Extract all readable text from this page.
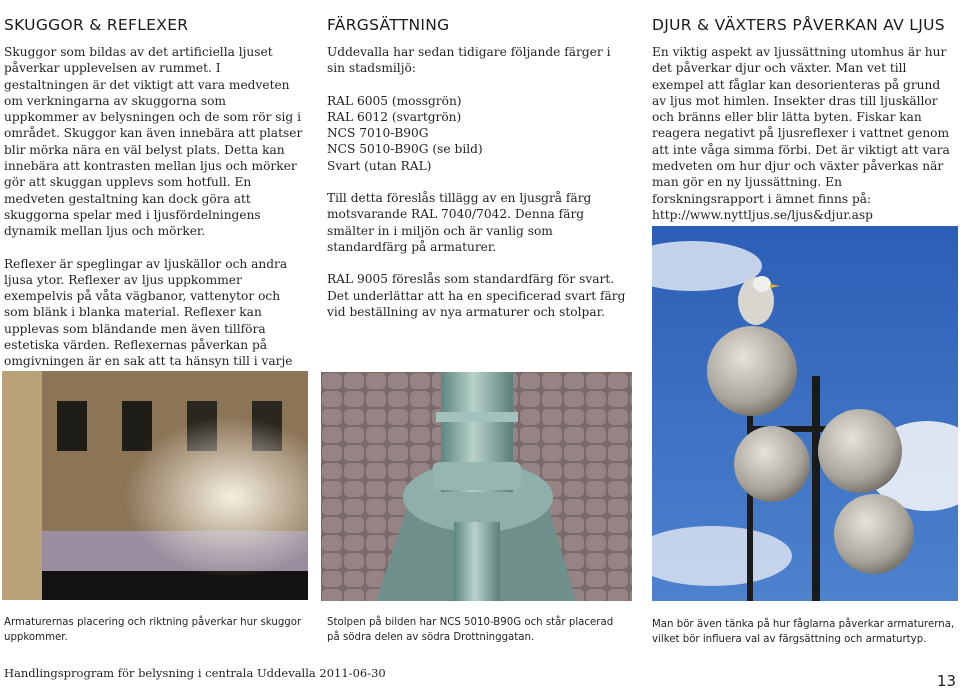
SKUGGOR & REFLEXER

Skuggor som bildas av det artificiella ljuset påverkar upplevelsen av rummet. I gestaltningen är det viktigt att vara medveten om verkningarna av skuggorna som uppkommer av belysningen och de som rör sig i området. Skuggor kan även innebära att platser blir mörka nära en väl belyst plats. Detta kan innebära att kontrasten mellan ljus och mörker gör att skuggan upplevs som hotfull. En medveten gestaltning kan dock göra att skuggorna spelar med i ljusfördelningens dynamik mellan ljus och mörker.

Reflexer är speglingar av ljuskällor och andra ljusa ytor. Reflexer av ljus uppkommer exempelvis på våta vägbanor, vattenytor och som blänk i blanka material. Reflexer kan upplevas som bländande men även tillföra estetiska värden. Reflexernas påverkan på omgivningen är en sak att ta hänsyn till i varje

FÄRGSÄTTNING

Uddevalla har sedan tidigare följande färger i sin stadsmiljö:

RAL 6005 (mossgrön)
RAL 6012 (svartgrön)
NCS 7010-B90G
NCS 5010-B90G (se bild)
Svart (utan RAL)

Till detta föreslås tillägg av en ljusgrå färg motsvarande RAL 7040/7042. Denna färg smälter in i miljön och är vanlig som standardfärg på armaturer.

RAL 9005 föreslås som standardfärg för svart. Det underlättar att ha en specificerad svart färg vid beställning av nya armaturer och stolpar.

DJUR & VÄXTERS PÅVERKAN AV LJUS

En viktig aspekt av ljussättning utomhus är hur det påverkar djur och växter. Man vet till exempel att fåglar kan desorienteras på grund av ljus mot himlen. Insekter dras till ljuskällor och bränns eller blir lätta byten. Fiskar kan reagera negativt på ljusreflexer i vattnet genom att inte våga simma förbi. Det är viktigt att vara medveten om hur djur och växter påverkas när man gör en ny ljussättning. En forskningsrapport i ämnet finns på:

http://www.nyttljus.se/ljus&djur.asp
Armaturernas placering och riktning påverkar hur skuggor uppkommer.
Stolpen på bilden har NCS 5010-B90G och står placerad på södra delen av södra Drottninggatan.
Man bör även tänka på hur fåglarna påverkar armaturerna, vilket bör influera val av färgsättning och armaturtyp.
Handlingsprogram för belysning i centrala Uddevalla 2011-06-30	13
